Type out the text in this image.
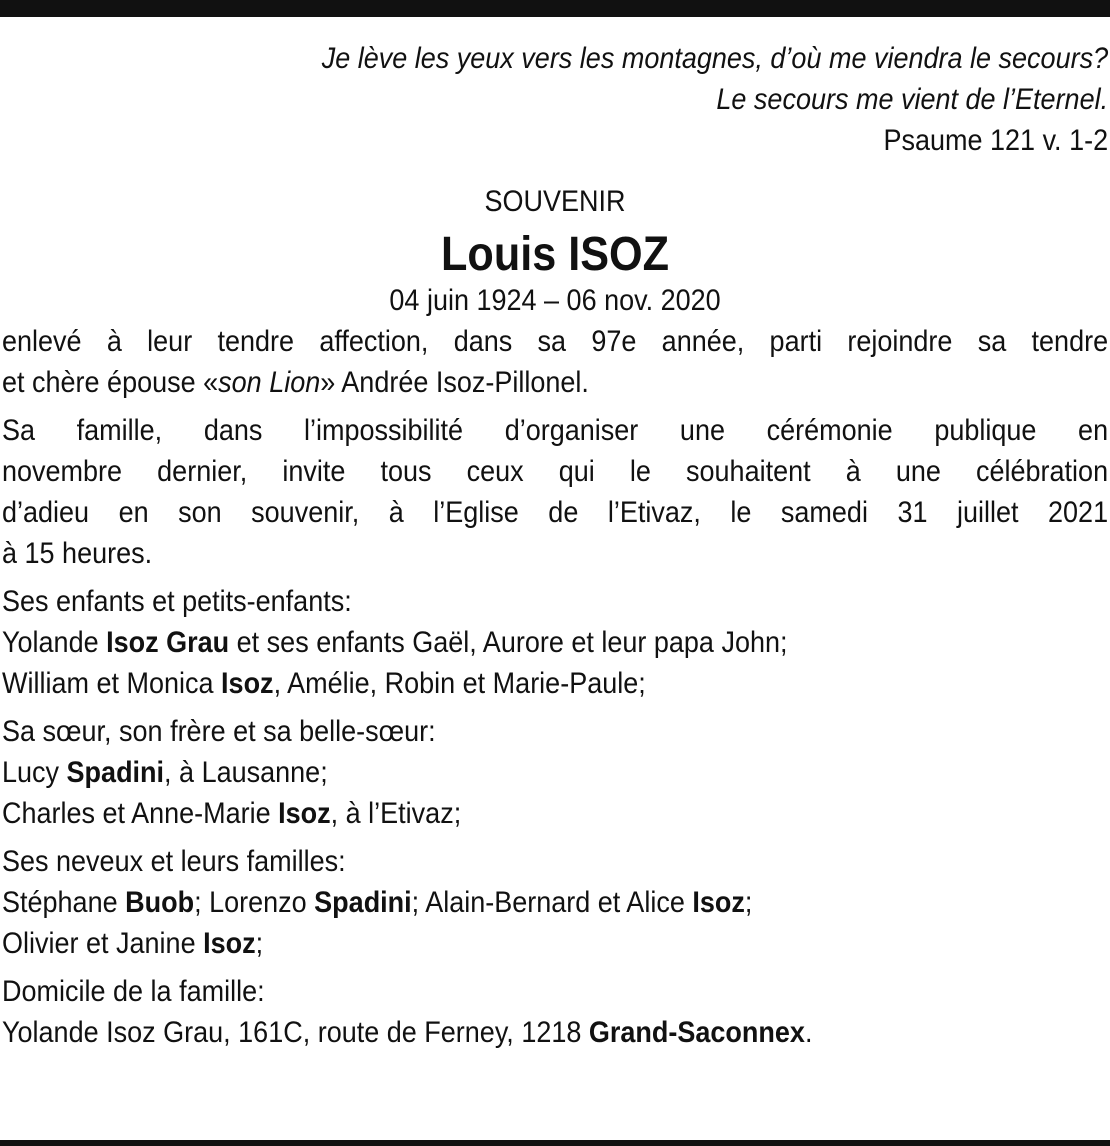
Je lève les yeux vers les montagnes, d’où me viendra le secours?
Le secours me vient de l’Eternel.
Psaume 121 v. 1-2
SOUVENIR
Louis ISOZ
04 juin 1924 – 06 nov. 2020
enlevé à leur tendre affection, dans sa 97e année, parti rejoindre sa tendre
et chère épouse «son Lion» Andrée Isoz-Pillonel.
Sa famille, dans l’impossibilité d’organiser une cérémonie publique en
novembre dernier, invite tous ceux qui le souhaitent à une célébration
d’adieu en son souvenir, à l’Eglise de l’Etivaz, le samedi 31 juillet 2021
à 15 heures.
Ses enfants et petits-enfants:
Yolande Isoz Grau et ses enfants Gaël, Aurore et leur papa John;
William et Monica Isoz, Amélie, Robin et Marie-Paule;
Sa sœur, son frère et sa belle-sœur:
Lucy Spadini, à Lausanne;
Charles et Anne-Marie Isoz, à l’Etivaz;
Ses neveux et leurs familles:
Stéphane Buob; Lorenzo Spadini; Alain-Bernard et Alice Isoz;
Olivier et Janine Isoz;
Domicile de la famille:
Yolande Isoz Grau, 161C, route de Ferney, 1218 Grand-Saconnex.
